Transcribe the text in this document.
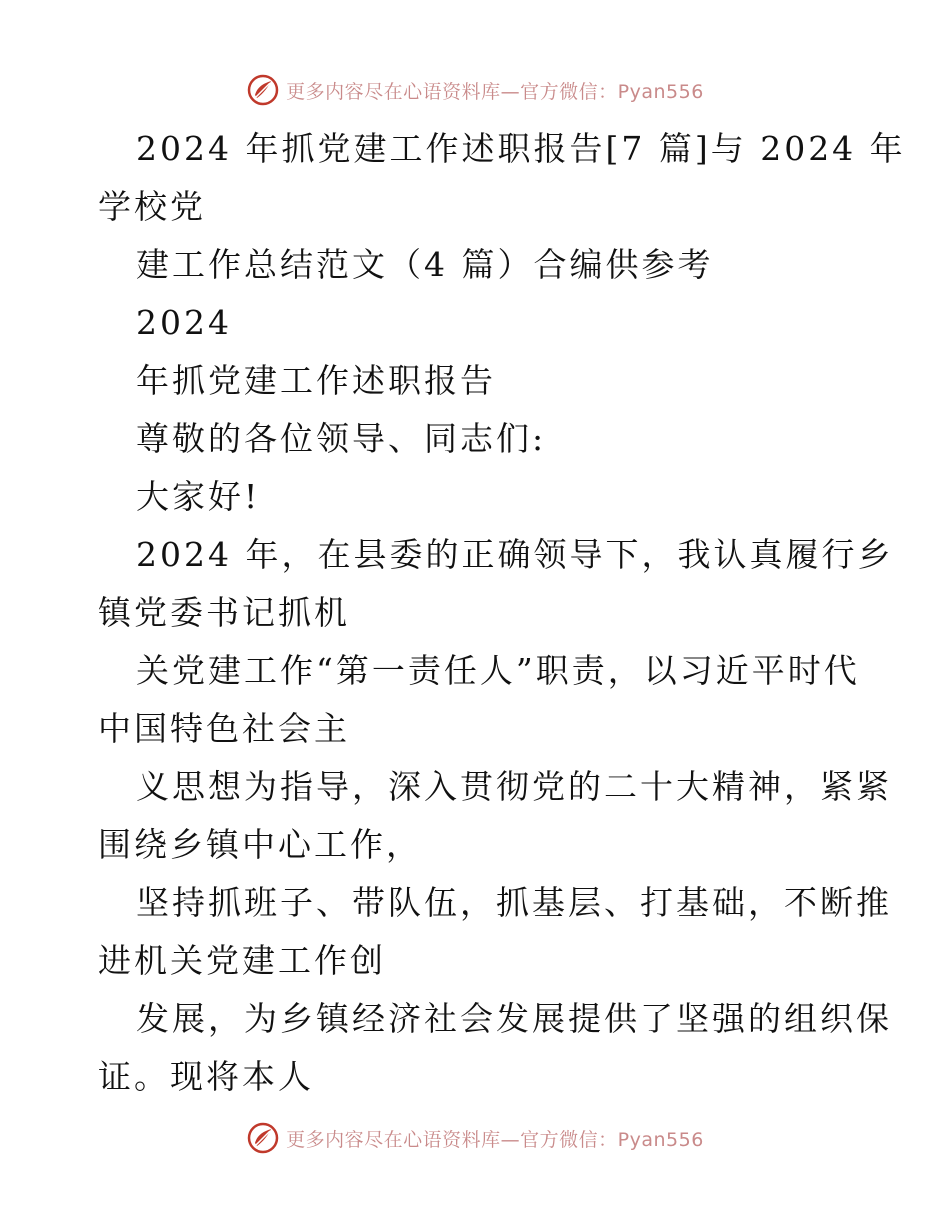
更多内容尽在心语资料库—官方微信：Pyan556

2024 年抓党建工作述职报告[7 篇]与 2024 年

学校党

建工作总结范文（4 篇）合编供参考

2024

年抓党建工作述职报告

尊敬的各位领导、同志们:

大家好!

2024 年，在县委的正确领导下，我认真履行乡

镇党委书记抓机

关党建工作“第一责任人”职责，以习近平时代

中国特色社会主

义思想为指导，深入贯彻党的二十大精神，紧紧

围绕乡镇中心工作，

坚持抓班子、带队伍，抓基层、打基础，不断推

进机关党建工作创

发展，为乡镇经济社会发展提供了坚强的组织保

证。现将本人

更多内容尽在心语资料库—官方微信：Pyan556
